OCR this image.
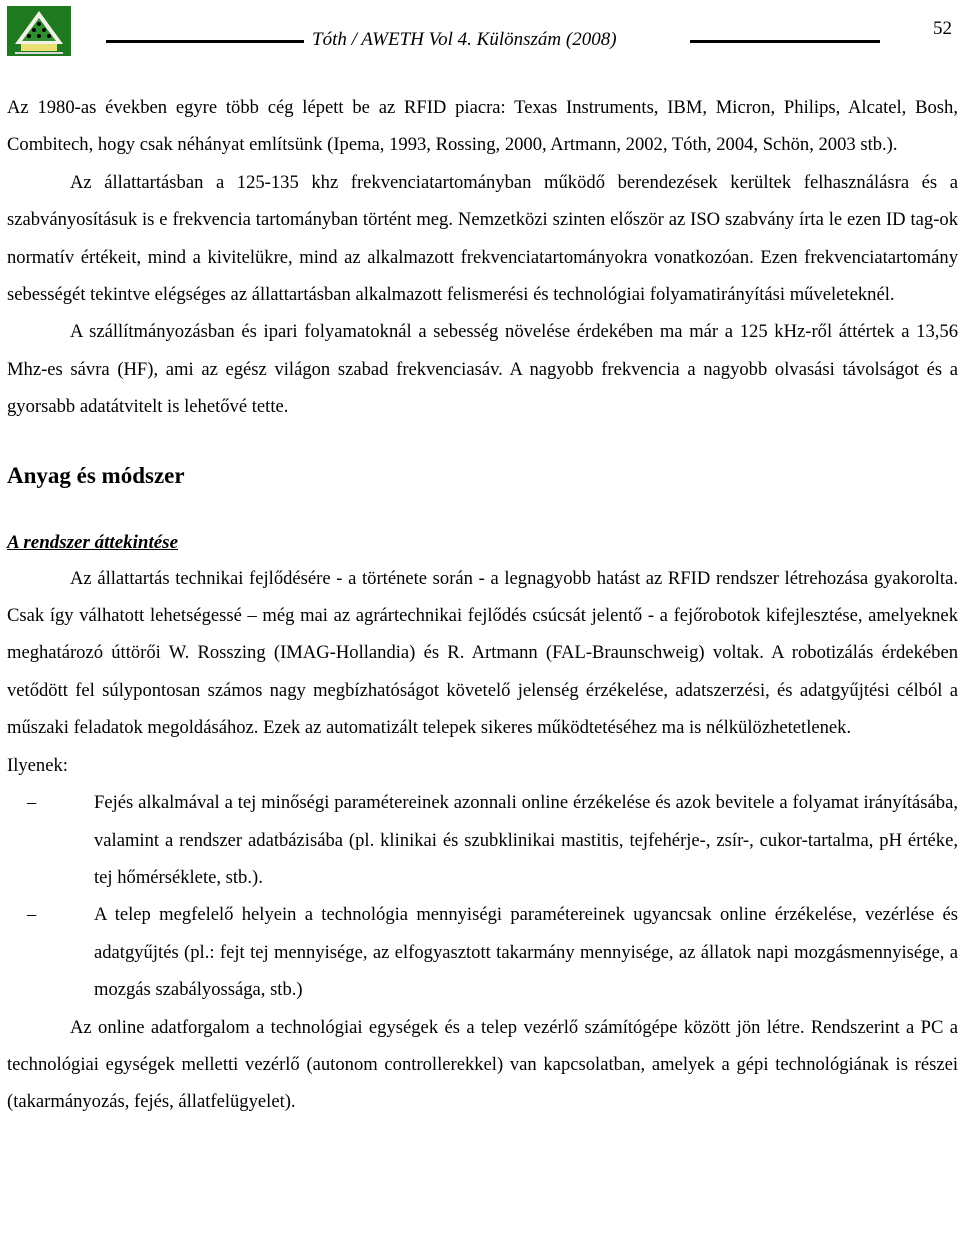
Tóth / AWETH Vol 4. Különszám (2008)
52

Az 1980-as években egyre több cég lépett be az RFID piacra: Texas Instruments, IBM, Micron, Philips, Alcatel, Bosh, Combitech, hogy csak néhányat említsünk (Ipema, 1993, Rossing, 2000, Artmann, 2002, Tóth, 2004, Schön, 2003 stb.).

Az állattartásban a 125-135 khz frekvenciatartományban működő berendezések kerültek felhasználásra és a szabványosításuk is e frekvencia tartományban történt meg. Nemzetközi szinten először az ISO szabvány írta le ezen ID tag-ok normatív értékeit, mind a kivitelükre, mind az alkalmazott frekvenciatartományokra vonatkozóan. Ezen frekvenciatartomány sebességét tekintve elégséges az állattartásban alkalmazott felismerési és technológiai folyamatirányítási műveleteknél.

A szállítmányozásban és ipari folyamatoknál a sebesség növelése érdekében ma már a 125 kHz-ről áttértek a 13,56 Mhz-es sávra (HF), ami az egész világon szabad frekvenciasáv. A nagyobb frekvencia a nagyobb olvasási távolságot és a gyorsabb adatátvitelt is lehetővé tette.

Anyag és módszer
A rendszer áttekintése

Az állattartás technikai fejlődésére - a története során - a legnagyobb hatást az RFID rendszer létrehozása gyakorolta. Csak így válhatott lehetségessé – még mai az agrártechnikai fejlődés csúcsát jelentő - a fejőrobotok kifejlesztése, amelyeknek meghatározó úttörői W. Rosszing (IMAG-Hollandia) és R. Artmann (FAL-Braunschweig) voltak. A robotizálás érdekében vetődött fel súlypontosan számos nagy megbízhatóságot követelő jelenség érzékelése, adatszerzési, és adatgyűjtési célból a műszaki feladatok megoldásához. Ezek az automatizált telepek sikeres működtetéséhez ma is nélkülözhetetlenek.

Ilyenek:

–	Fejés alkalmával a tej minőségi paramétereinek azonnali online érzékelése és azok bevitele a folyamat irányításába, valamint a rendszer adatbázisába (pl. klinikai és szubklinikai mastitis, tejfehérje-, zsír-, cukor-tartalma, pH értéke, tej hőmérséklete, stb.).
–	A telep megfelelő helyein a technológia mennyiségi paramétereinek ugyancsak online érzékelése, vezérlése és adatgyűjtés (pl.: fejt tej mennyisége, az elfogyasztott takarmány mennyisége, az állatok napi mozgásmennyisége, a mozgás szabályossága, stb.)

Az online adatforgalom a technológiai egységek és a telep vezérlő számítógépe között jön létre. Rendszerint a PC a technológiai egységek melletti vezérlő (autonom controllerekkel) van kapcsolatban, amelyek a gépi technológiának is részei (takarmányozás, fejés, állatfelügyelet).
